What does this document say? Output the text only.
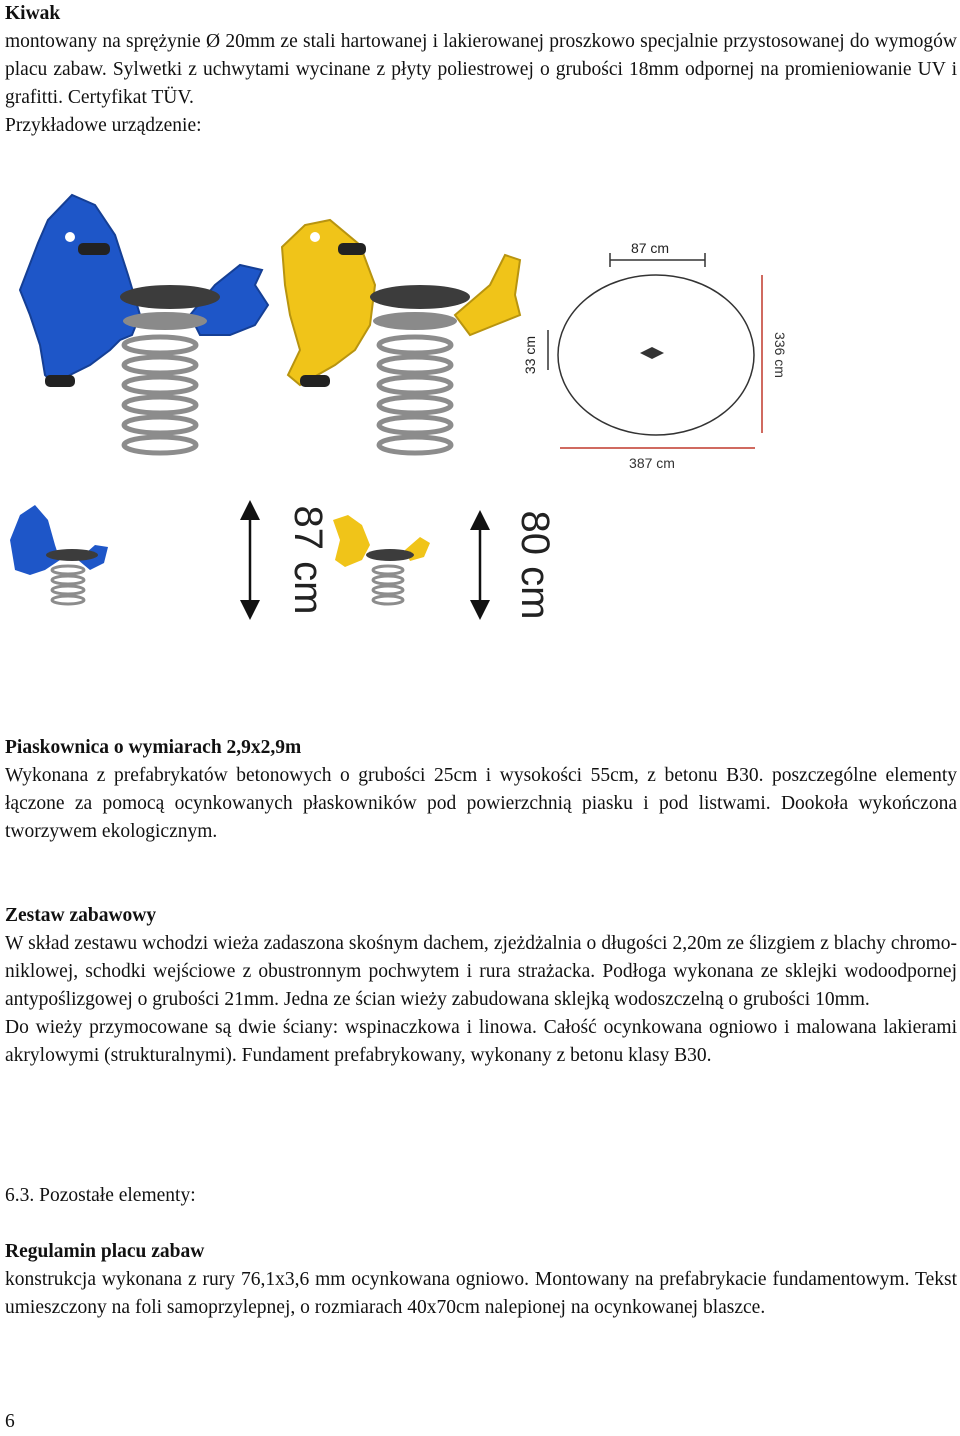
Kiwak
montowany na sprężynie Ø 20mm ze stali hartowanej i lakierowanej proszkowo specjalnie przystosowanej do wymogów placu zabaw. Sylwetki z uchwytami wycinane z płyty poliestrowej o grubości 18mm odpornej na promieniowanie UV i grafitti. Certyfikat TÜV.
Przykładowe urządzenie:
87 cm
33 cm	336 cm
387 cm
87 cm	80 cm
Piaskownica o wymiarach 2,9x2,9m
Wykonana z prefabrykatów betonowych o grubości 25cm i wysokości 55cm, z betonu B30. poszczególne elementy łączone za pomocą ocynkowanych płaskowników pod powierzchnią piasku i pod listwami. Dookoła wykończona tworzywem ekologicznym.
Zestaw zabawowy
W skład zestawu wchodzi wieża zadaszona skośnym dachem, zjeżdżalnia o długości 2,20m ze ślizgiem z blachy chromo-niklowej, schodki wejściowe z obustronnym pochwytem i rura strażacka. Podłoga wykonana ze sklejki wodoodpornej antypoślizgowej o grubości 21mm. Jedna ze ścian wieży zabudowana sklejką wodoszczelną o grubości 10mm.
Do wieży przymocowane są dwie ściany: wspinaczkowa i linowa. Całość ocynkowana ogniowo i malowana lakierami akrylowymi (strukturalnymi). Fundament prefabrykowany, wykonany z betonu klasy B30.
6.3. Pozostałe elementy:
Regulamin placu zabaw
konstrukcja wykonana z rury 76,1x3,6 mm ocynkowana ogniowo. Montowany na prefabrykacie fundamentowym. Tekst umieszczony na foli samoprzylepnej, o rozmiarach 40x70cm nalepionej na ocynkowanej blaszce.
6
